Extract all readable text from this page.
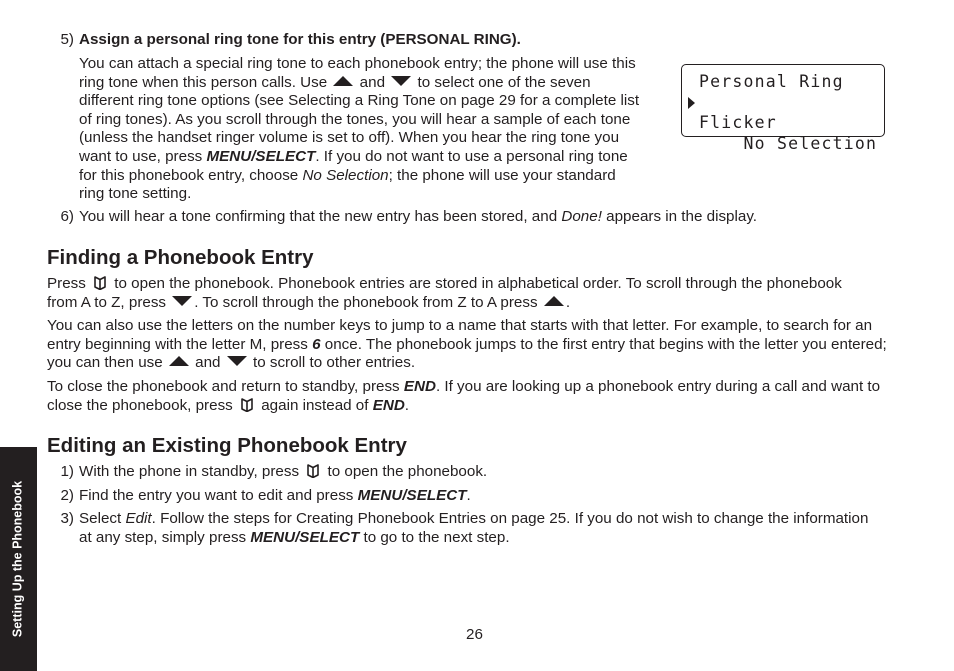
5) Assign a personal ring tone for this entry (PERSONAL RING).
You can attach a special ring tone to each phonebook entry; the phone will use this ring tone when this person calls. Use and to select one of the seven different ring tone options (see Selecting a Ring Tone on page 29 for a complete list of ring tones). As you scroll through the tones, you will hear a sample of each tone (unless the handset ringer volume is set to off). When you hear the ring tone you want to use, press MENU/SELECT. If you do not want to use a personal ring tone for this phonebook entry, choose No Selection; the phone will use your standard ring tone setting.
Personal Ring

No Selection

Flicker
6) You will hear a tone confirming that the new entry has been stored, and Done! appears in the display.
Finding a Phonebook Entry
Press to open the phonebook. Phonebook entries are stored in alphabetical order. To scroll through the phonebook from A to Z, press . To scroll through the phonebook from Z to A press .
You can also use the letters on the number keys to jump to a name that starts with that letter. For example, to search for an entry beginning with the letter M, press 6 once. The phonebook jumps to the first entry that begins with the letter you entered; you can then use and to scroll to other entries.
To close the phonebook and return to standby, press END. If you are looking up a phonebook entry during a call and want to close the phonebook, press again instead of END.
Editing an Existing Phonebook Entry
1) With the phone in standby, press to open the phonebook.
2) Find the entry you want to edit and press MENU/SELECT.
3) Select Edit. Follow the steps for Creating Phonebook Entries on page 25. If you do not wish to change the information at any step, simply press MENU/SELECT to go to the next step.
Setting Up the Phonebook	26
